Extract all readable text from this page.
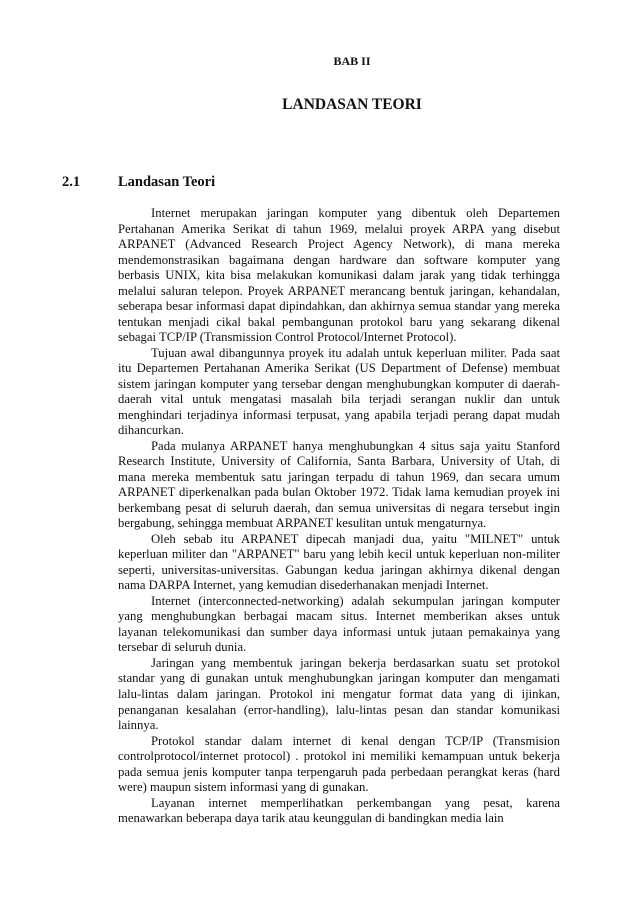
BAB II
LANDASAN TEORI
2.1	Landasan Teori

Internet merupakan jaringan komputer yang dibentuk oleh Departemen Pertahanan Amerika Serikat di tahun 1969, melalui proyek ARPA yang disebut ARPANET (Advanced Research Project Agency Network), di mana mereka mendemonstrasikan bagaimana dengan hardware dan software komputer yang berbasis UNIX, kita bisa melakukan komunikasi dalam jarak yang tidak terhingga melalui saluran telepon. Proyek ARPANET merancang bentuk jaringan, kehandalan, seberapa besar informasi dapat dipindahkan, dan akhirnya semua standar yang mereka tentukan menjadi cikal bakal pembangunan protokol baru yang sekarang dikenal sebagai TCP/IP (Transmission Control Protocol/Internet Protocol).

Tujuan awal dibangunnya proyek itu adalah untuk keperluan militer. Pada saat itu Departemen Pertahanan Amerika Serikat (US Department of Defense) membuat sistem jaringan komputer yang tersebar dengan menghubungkan komputer di daerah-daerah vital untuk mengatasi masalah bila terjadi serangan nuklir dan untuk menghindari terjadinya informasi terpusat, yang apabila terjadi perang dapat mudah dihancurkan.

Pada mulanya ARPANET hanya menghubungkan 4 situs saja yaitu Stanford Research Institute, University of California, Santa Barbara, University of Utah, di mana mereka membentuk satu jaringan terpadu di tahun 1969, dan secara umum ARPANET diperkenalkan pada bulan Oktober 1972. Tidak lama kemudian proyek ini berkembang pesat di seluruh daerah, dan semua universitas di negara tersebut ingin bergabung, sehingga membuat ARPANET kesulitan untuk mengaturnya.

Oleh sebab itu ARPANET dipecah manjadi dua, yaitu "MILNET" untuk keperluan militer dan "ARPANET" baru yang lebih kecil untuk keperluan non-militer seperti, universitas-universitas. Gabungan kedua jaringan akhirnya dikenal dengan nama DARPA Internet, yang kemudian disederhanakan menjadi Internet.

Internet (interconnected-networking) adalah sekumpulan jaringan komputer yang menghubungkan berbagai macam situs. Internet memberikan akses untuk layanan telekomunikasi dan sumber daya informasi untuk jutaan pemakainya yang tersebar di seluruh dunia.

Jaringan yang membentuk jaringan bekerja berdasarkan suatu set protokol standar yang di gunakan untuk menghubungkan jaringan komputer dan mengamati lalu-lintas dalam jaringan. Protokol ini mengatur format data yang di ijinkan, penanganan kesalahan (error-handling), lalu-lintas pesan dan standar komunikasi lainnya.

Protokol standar dalam internet di kenal dengan TCP/IP (Transmision controlprotocol/internet protocol) . protokol ini memiliki kemampuan untuk bekerja pada semua jenis komputer tanpa terpengaruh pada perbedaan perangkat keras (hard were) maupun sistem informasi yang di gunakan.

Layanan internet memperlihatkan perkembangan yang pesat, karena menawarkan beberapa daya tarik atau keunggulan di bandingkan media lain
